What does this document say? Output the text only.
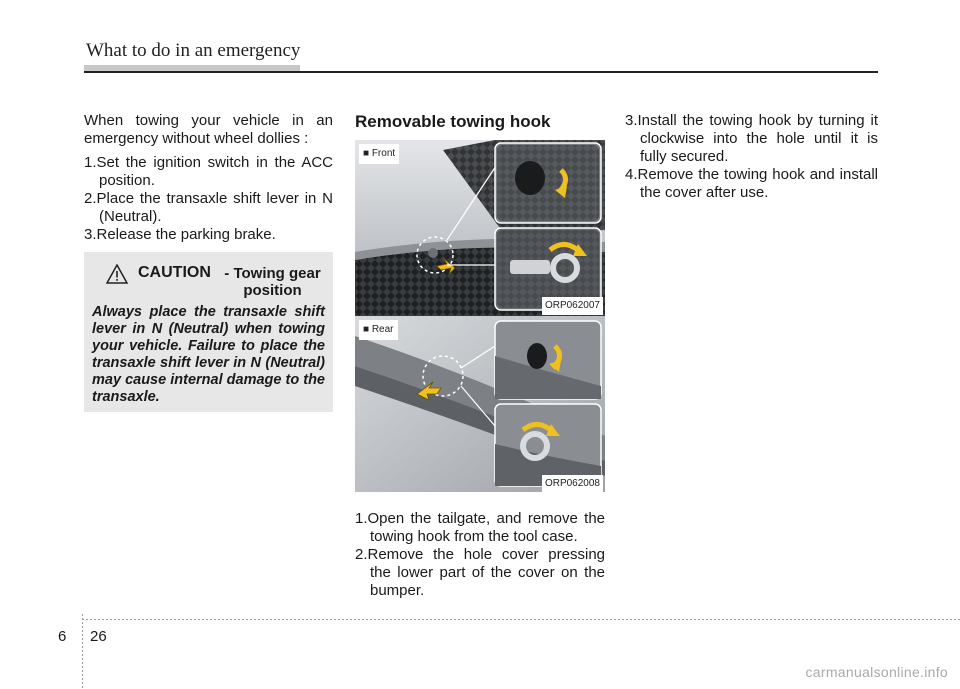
What to do in an emergency

When towing your vehicle in an emergency without wheel dollies :

1.Set the ignition switch in the ACC position.

2.Place the transaxle shift lever in N (Neutral).

3.Release the parking brake.

CAUTION - Towing gear position

Always place the transaxle shift lever in N (Neutral) when towing your vehicle. Failure to place the transaxle shift lever in N (Neutral) may cause internal damage to the transaxle.

Removable towing hook

■ Front
ORP062007
■ Rear
ORP062008

1.Open the tailgate, and remove the towing hook from the tool case.

2.Remove the hole cover pressing the lower part of the cover on the bumper.

3.Install the towing hook by turning it clockwise into the hole until it is fully secured.

4.Remove the towing hook and install the cover after use.

6 26
carmanualsonline.info
